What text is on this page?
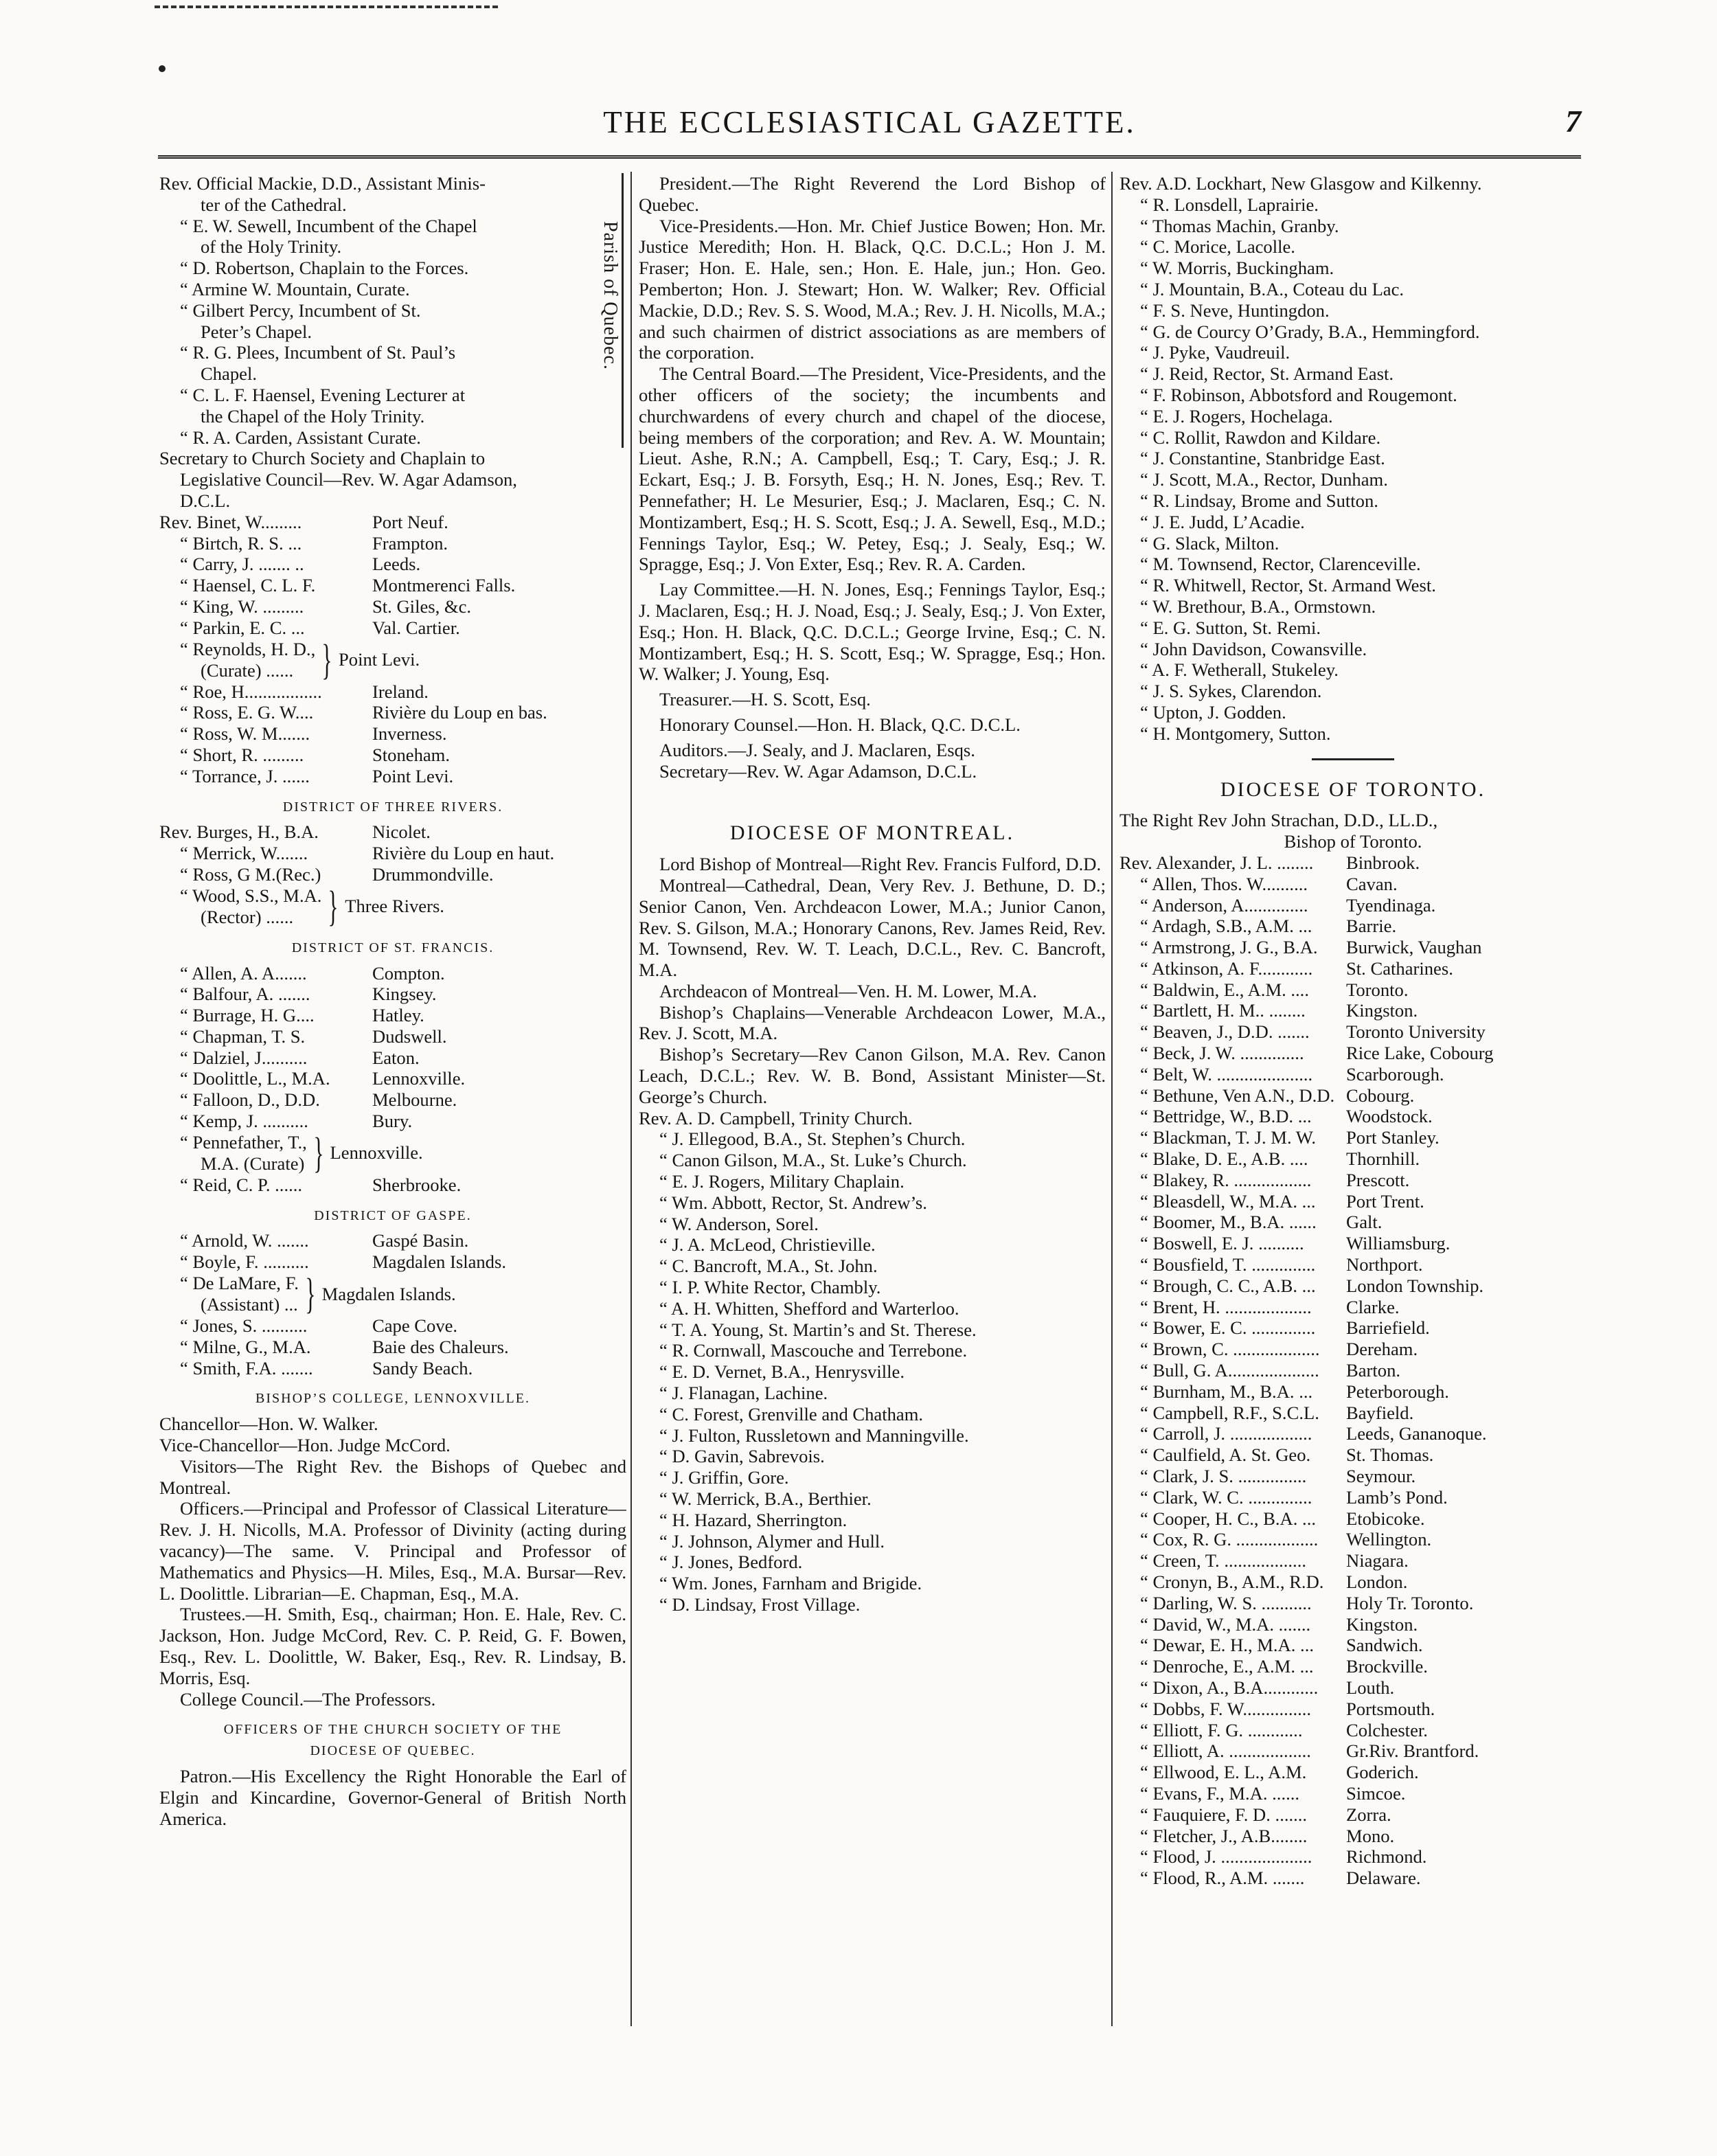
THE ECCLESIASTICAL GAZETTE.	7
Parish of Quebec.
Rev. Official Mackie, D.D., Assistant Minis-
ter of the Cathedral.
“ E. W. Sewell, Incumbent of the Chapel
of the Holy Trinity.
“ D. Robertson, Chaplain to the Forces.
“ Armine W. Mountain, Curate.
“ Gilbert Percy, Incumbent of St.
Peter’s Chapel.
“ R. G. Plees, Incumbent of St. Paul’s
Chapel.
“ C. L. F. Haensel, Evening Lecturer at
the Chapel of the Holy Trinity.
“ R. A. Carden, Assistant Curate.
Secretary to Church Society and Chaplain to
Legislative Council—Rev. W. Agar Adamson,
D.C.L.
Rev. Binet, W.........	Port Neuf.
“ Birtch, R. S. ...	Frampton.
“ Carry, J. ....... ..	Leeds.
“ Haensel, C. L. F.	Montmerenci Falls.
“ King, W. .........	St. Giles, &c.
“ Parkin, E. C. ...	Val. Cartier.
“ Reynolds, H. D.,
(Curate) ...... } Point Levi.
“ Roe, H.................	Ireland.
“ Ross, E. G. W....	Rivière du Loup en bas.
“ Ross, W. M.......	Inverness.
“ Short, R. .........	Stoneham.
“ Torrance, J. ......	Point Levi.
DISTRICT OF THREE RIVERS.
Rev. Burges, H., B.A.	Nicolet.
“ Merrick, W.......	Rivière du Loup en haut.
“ Ross, G M.(Rec.)	Drummondville.
“ Wood, S.S., M.A.
(Rector) ...... } Three Rivers.
DISTRICT OF ST. FRANCIS.
“ Allen, A. A.......	Compton.
“ Balfour, A. .......	Kingsey.
“ Burrage, H. G....	Hatley.
“ Chapman, T. S.	Dudswell.
“ Dalziel, J..........	Eaton.
“ Doolittle, L., M.A.	Lennoxville.
“ Falloon, D., D.D.	Melbourne.
“ Kemp, J. ..........	Bury.
“ Pennefather, T.,
M.A. (Curate) } Lennoxville.
“ Reid, C. P. ......	Sherbrooke.
DISTRICT OF GASPE.
“ Arnold, W. .......	Gaspé Basin.
“ Boyle, F. ..........	Magdalen Islands.
“ De LaMare, F.
(Assistant) ... } Magdalen Islands.
“ Jones, S. ..........	Cape Cove.
“ Milne, G., M.A.	Baie des Chaleurs.
“ Smith, F.A. .......	Sandy Beach.
BISHOP’S COLLEGE, LENNOXVILLE.
Chancellor—Hon. W. Walker.
Vice-Chancellor—Hon. Judge McCord.
Visitors—The Right Rev. the Bishops of Quebec and Montreal.
Officers.—Principal and Professor of Classical Literature—Rev. J. H. Nicolls, M.A. Professor of Divinity (acting during vacancy)—The same. V. Principal and Professor of Mathematics and Physics—H. Miles, Esq., M.A. Bursar—Rev. L. Doolittle. Librarian—E. Chapman, Esq., M.A.
Trustees.—H. Smith, Esq., chairman; Hon. E. Hale, Rev. C. Jackson, Hon. Judge McCord, Rev. C. P. Reid, G. F. Bowen, Esq., Rev. L. Doolittle, W. Baker, Esq., Rev. R. Lindsay, B. Morris, Esq.
College Council.—The Professors.
OFFICERS OF THE CHURCH SOCIETY OF THE
DIOCESE OF QUEBEC.
Patron.—His Excellency the Right Honorable the Earl of Elgin and Kincardine, Governor-General of British North America.
President.—The Right Reverend the Lord Bishop of Quebec.
Vice-Presidents.—Hon. Mr. Chief Justice Bowen; Hon. Mr. Justice Meredith; Hon. H. Black, Q.C. D.C.L.; Hon J. M. Fraser; Hon. E. Hale, sen.; Hon. E. Hale, jun.; Hon. Geo. Pemberton; Hon. J. Stewart; Hon. W. Walker; Rev. Official Mackie, D.D.; Rev. S. S. Wood, M.A.; Rev. J. H. Nicolls, M.A.; and such chairmen of district associations as are members of the corporation.
The Central Board.—The President, Vice-Presidents, and the other officers of the society; the incumbents and churchwardens of every church and chapel of the diocese, being members of the corporation; and Rev. A. W. Mountain; Lieut. Ashe, R.N.; A. Campbell, Esq.; T. Cary, Esq.; J. R. Eckart, Esq.; J. B. Forsyth, Esq.; H. N. Jones, Esq.; Rev. T. Pennefather; H. Le Mesurier, Esq.; J. Maclaren, Esq.; C. N. Montizambert, Esq.; H. S. Scott, Esq.; J. A. Sewell, Esq., M.D.; Fennings Taylor, Esq.; W. Petey, Esq.; J. Sealy, Esq.; W. Spragge, Esq.; J. Von Exter, Esq.; Rev. R. A. Carden.
Lay Committee.—H. N. Jones, Esq.; Fennings Taylor, Esq.; J. Maclaren, Esq.; H. J. Noad, Esq.; J. Sealy, Esq.; J. Von Exter, Esq.; Hon. H. Black, Q.C. D.C.L.; George Irvine, Esq.; C. N. Montizambert, Esq.; H. S. Scott, Esq.; W. Spragge, Esq.; Hon. W. Walker; J. Young, Esq.
Treasurer.—H. S. Scott, Esq.
Honorary Counsel.—Hon. H. Black, Q.C. D.C.L.
Auditors.—J. Sealy, and J. Maclaren, Esqs.
Secretary—Rev. W. Agar Adamson, D.C.L.
DIOCESE OF MONTREAL.
Lord Bishop of Montreal—Right Rev. Francis Fulford, D.D.
Montreal—Cathedral, Dean, Very Rev. J. Bethune, D. D.; Senior Canon, Ven. Archdeacon Lower, M.A.; Junior Canon, Rev. S. Gilson, M.A.; Honorary Canons, Rev. James Reid, Rev. M. Townsend, Rev. W. T. Leach, D.C.L., Rev. C. Bancroft, M.A.
Archdeacon of Montreal—Ven. H. M. Lower, M.A.
Bishop’s Chaplains—Venerable Archdeacon Lower, M.A., Rev. J. Scott, M.A.
Bishop’s Secretary—Rev Canon Gilson, M.A. Rev. Canon Leach, D.C.L.; Rev. W. B. Bond, Assistant Minister—St. George’s Church.
Rev. A. D. Campbell, Trinity Church.
“ J. Ellegood, B.A., St. Stephen’s Church.
“ Canon Gilson, M.A., St. Luke’s Church.
“ E. J. Rogers, Military Chaplain.
“ Wm. Abbott, Rector, St. Andrew’s.
“ W. Anderson, Sorel.
“ J. A. McLeod, Christieville.
“ C. Bancroft, M.A., St. John.
“ I. P. White Rector, Chambly.
“ A. H. Whitten, Shefford and Warterloo.
“ T. A. Young, St. Martin’s and St. Therese.
“ R. Cornwall, Mascouche and Terrebone.
“ E. D. Vernet, B.A., Henrysville.
“ J. Flanagan, Lachine.
“ C. Forest, Grenville and Chatham.
“ J. Fulton, Russletown and Manningville.
“ D. Gavin, Sabrevois.
“ J. Griffin, Gore.
“ W. Merrick, B.A., Berthier.
“ H. Hazard, Sherrington.
“ J. Johnson, Alymer and Hull.
“ J. Jones, Bedford.
“ Wm. Jones, Farnham and Brigide.
“ D. Lindsay, Frost Village.
Rev. A.D. Lockhart, New Glasgow and Kilkenny.
“ R. Lonsdell, Laprairie.
“ Thomas Machin, Granby.
“ C. Morice, Lacolle.
“ W. Morris, Buckingham.
“ J. Mountain, B.A., Coteau du Lac.
“ F. S. Neve, Huntingdon.
“ G. de Courcy O’Grady, B.A., Hemmingford.
“ J. Pyke, Vaudreuil.
“ J. Reid, Rector, St. Armand East.
“ F. Robinson, Abbotsford and Rougemont.
“ E. J. Rogers, Hochelaga.
“ C. Rollit, Rawdon and Kildare.
“ J. Constantine, Stanbridge East.
“ J. Scott, M.A., Rector, Dunham.
“ R. Lindsay, Brome and Sutton.
“ J. E. Judd, L’Acadie.
“ G. Slack, Milton.
“ M. Townsend, Rector, Clarenceville.
“ R. Whitwell, Rector, St. Armand West.
“ W. Brethour, B.A., Ormstown.
“ E. G. Sutton, St. Remi.
“ John Davidson, Cowansville.
“ A. F. Wetherall, Stukeley.
“ J. S. Sykes, Clarendon.
“ Upton, J. Godden.
“ H. Montgomery, Sutton.
DIOCESE OF TORONTO.
The Right Rev John Strachan, D.D., LL.D.,
Bishop of Toronto.
Rev. Alexander, J. L. ........	Binbrook.
“ Allen, Thos. W..........	Cavan.
“ Anderson, A..............	Tyendinaga.
“ Ardagh, S.B., A.M. ...	Barrie.
“ Armstrong, J. G., B.A.	Burwick, Vaughan
“ Atkinson, A. F............	St. Catharines.
“ Baldwin, E., A.M. ....	Toronto.
“ Bartlett, H. M.. ........	Kingston.
“ Beaven, J., D.D. .......	Toronto University
“ Beck, J. W. ..............	Rice Lake, Cobourg
“ Belt, W. .....................	Scarborough.
“ Bethune, Ven A.N., D.D. Cobourg.
“ Bettridge, W., B.D. ...	Woodstock.
“ Blackman, T. J. M. W.	Port Stanley.
“ Blake, D. E., A.B. ....	Thornhill.
“ Blakey, R. .................	Prescott.
“ Bleasdell, W., M.A. ...	Port Trent.
“ Boomer, M., B.A. ......	Galt.
“ Boswell, E. J. ..........	Williamsburg.
“ Bousfield, T. ..............	Northport.
“ Brough, C. C., A.B. ...	London Township.
“ Brent, H. ...................	Clarke.
“ Bower, E. C. ..............	Barriefield.
“ Brown, C. ...................	Dereham.
“ Bull, G. A....................	Barton.
“ Burnham, M., B.A. ...	Peterborough.
“ Campbell, R.F., S.C.L.	Bayfield.
“ Carroll, J. ..................	Leeds, Gananoque.
“ Caulfield, A. St. Geo.	St. Thomas.
“ Clark, J. S. ...............	Seymour.
“ Clark, W. C. ..............	Lamb’s Pond.
“ Cooper, H. C., B.A. ...	Etobicoke.
“ Cox, R. G. ..................	Wellington.
“ Creen, T. ..................	Niagara.
“ Cronyn, B., A.M., R.D.	London.
“ Darling, W. S. ...........	Holy Tr. Toronto.
“ David, W., M.A. .......	Kingston.
“ Dewar, E. H., M.A. ...	Sandwich.
“ Denroche, E., A.M. ...	Brockville.
“ Dixon, A., B.A............	Louth.
“ Dobbs, F. W...............	Portsmouth.
“ Elliott, F. G. ............	Colchester.
“ Elliott, A. ..................	Gr.Riv. Brantford.
“ Ellwood, E. L., A.M.	Goderich.
“ Evans, F., M.A. ......	Simcoe.
“ Fauquiere, F. D. .......	Zorra.
“ Fletcher, J., A.B........	Mono.
“ Flood, J. ....................	Richmond.
“ Flood, R., A.M. .......	Delaware.
